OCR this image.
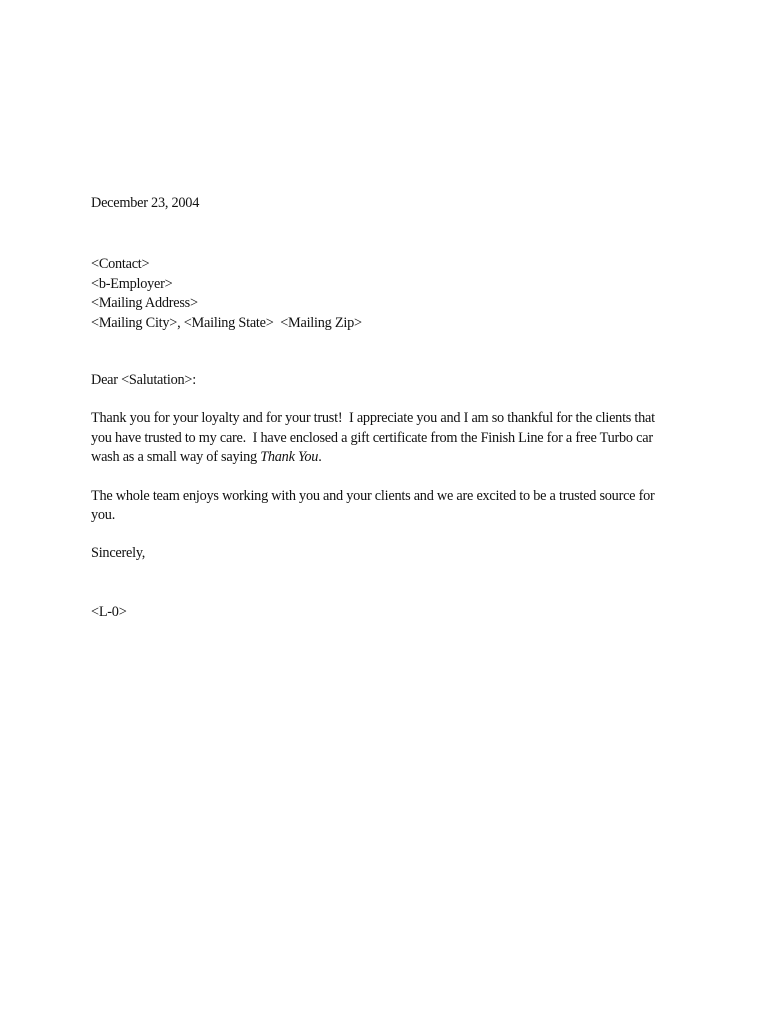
December 23, 2004
<Contact>
<b-Employer>
<Mailing Address>
<Mailing City>, <Mailing State>  <Mailing Zip>
Dear <Salutation>:
Thank you for your loyalty and for your trust!  I appreciate you and I am so thankful for the clients that
you have trusted to my care.  I have enclosed a gift certificate from the Finish Line for a free Turbo car
wash as a small way of saying Thank You.
The whole team enjoys working with you and your clients and we are excited to be a trusted source for
you.
Sincerely,
<L-0>
